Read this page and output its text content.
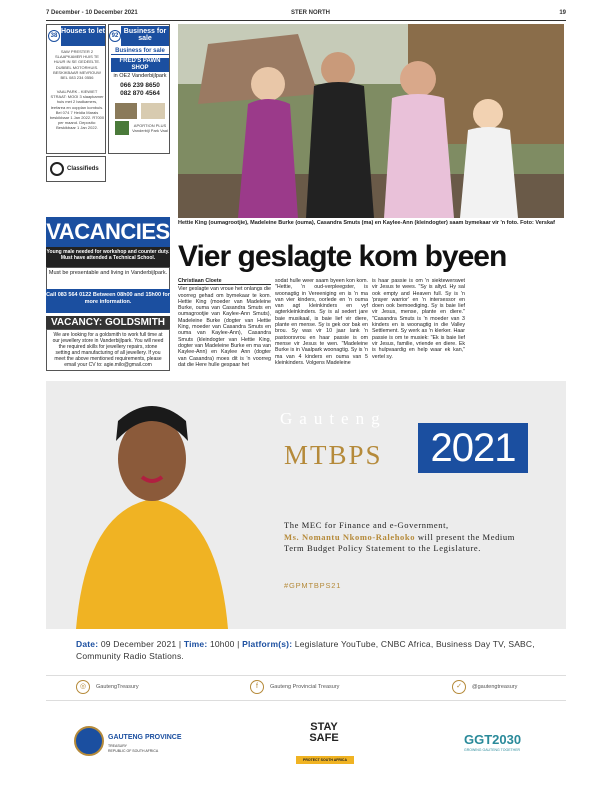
7 December - 10 December 2021	STER NORTH	19
Houses to let
38
SAW PRESTER 2 SLAAPKAMER HUIS TE HUUR IN SE GEDEELTE. DUBBEL MOTORHUIS. BESKIKBAAR MEVROUW BEL 083 234 0556
VAALPARK - KIEWIET STRAAT: MOOI 3 slaapkamer huis met 2 badkamers, leefarea en oopplan kombuis. Bel 074 7 Heidia Marais beskikbaar 1 Jan 2022. R7000 per maand. Deposito: Beskikbaar 1 Jan 2022.
Business for sale
92
Business for sale
FRED'S PAWN SHOP
in OE2 Vanderbijlpark
066 239 8650
082 870 4564
APORTION PLUS Vanderbijl Park Vaal
Classifieds
VACANCIES
Young male needed for workshop and counter duty. Must have attended a Technical School.
Must be presentable and living in Vanderbijlpark.
Call 083 564 0122 Between 08h00 and 15h00 for more information.
VACANCY: GOLDSMITH
We are looking for a goldsmith to work full time at our jewellery store in Vanderbijlpark. You will need the required skills for jewellery repairs, stone setting and manufacturing of all jewellery. If you meet the above mentioned requirements, please email your CV to: agie.milo@gmail.com
Hettie King (oumagrootjie), Madeleine Burke (ouma), Casandra Smuts (ma) en Kaylee-Ann (kleindogter) saam bymekaar vir 'n foto. Foto: Verskaf
Vier geslagte kom byeen
Christiaan Cloete
Vier geslagte van vroue het onlangs die voorreg gehad om bymekaar te kom. Hettie King (moeder van Madeleine Burke, ouma van Casandra Smuts en oumagrootjie van Kaylee-Ann Smuts), Madeleine Burke (dogter van Hettie King, moeder van Casandra Smuts en ouma van Kaylee-Ann), Casandra Smuts (kleindogter van Hettie King, dogter van Madeleine Burke en ma van Kaylee-Ann) en Kaylee Ann (dogter van Casandra) moes dit is 'n voorreg dat die Here hulle gespaar het
sodat hulle weer saam byeen kon kom. "Hettie, 'n oud-verpleegster, is woonagtig in Vereeniging en is 'n ma van vier kinders, oorlede en 'n ouma van agt kleinkinders en vyf agterkleinkinders. Sy is al sedert jare baie musikaal, is baie lief vir diere, plante en mense. Sy is gek oor bak en brou. Sy was vir 10 jaar lank 'n pastoorsvrou en haar passie is om mense vir Jesus te wen. "Madeleine Burke is in Vaalpark woonagtig. Sy is 'n ma van 4 kinders en ouma van 5 kleinkinders. Volgens Madeleine
is haar passie is om 'n siektewerswet vir Jesus te wees. "Sy is altyd. Hy sal ook empty and Heaven full. Sy is 'n 'prayer warrior' en 'n intersessor en doen ook bemoediging. Sy is baie lief vir Jesus, mense, plante en diere." "Casandra Smuts is 'n moeder van 3 kinders en is woonagtig in die Valley Settlement. Sy werk as 'n klerker. Haar passie is om te musiek: "Ek is baie lief vir Jesus, familie, vriende en diere. Ek is hulpvaardig en help waar ek kan," vertel sy.
Gauteng
MTBPS	2021
The MEC for Finance and e-Government,
Ms. Nomantu Nkomo-Ralehoko will present the Medium Term Budget Policy Statement to the Legislature.
#GPMTBPS21
Date: 09 December 2021 | Time: 10h00 | Platform(s): Legislature YouTube, CNBC Africa, Business Day TV, SABC, Community Radio Stations.
◎	GautengTreasury	f	Gauteng Provincial Treasury	✓	@gautengtreasury
GAUTENG PROVINCE
TREASURY
REPUBLIC OF SOUTH AFRICA
STAY SAFE
PROTECT SOUTH AFRICA
GGT2030
GROWING GAUTENG TOGETHER
